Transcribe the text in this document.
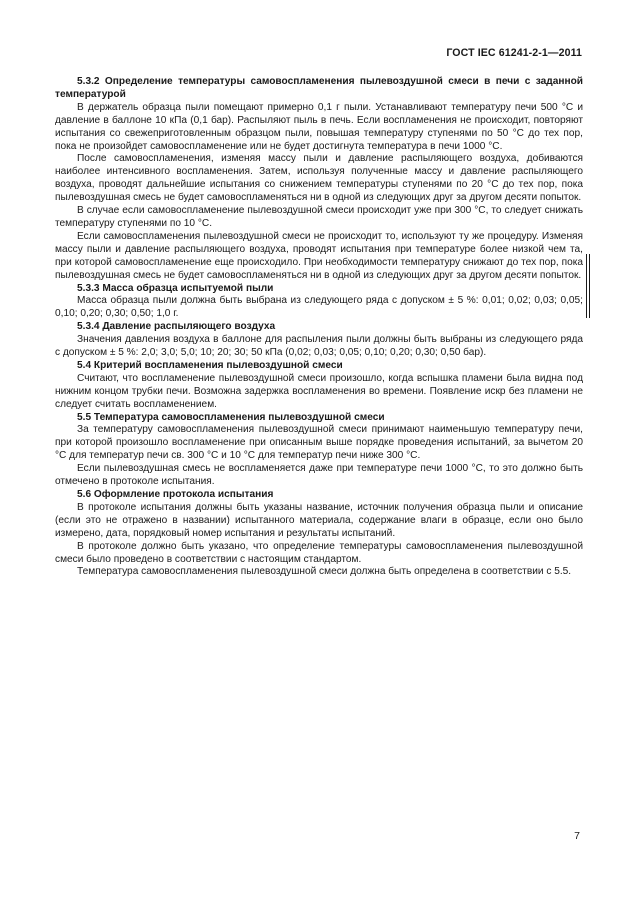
ГОСТ IEC 61241-2-1—2011
5.3.2 Определение температуры самовоспламенения пылевоздушной смеси в печи с заданной температурой

В держатель образца пыли помещают примерно 0,1 г пыли. Устанавливают температуру печи 500 °С и давление в баллоне 10 кПа (0,1 бар). Распыляют пыль в печь. Если воспламенения не происходит, повторяют испытания со свежеприготовленным образцом пыли, повышая температуру ступенями по 50 °С до тех пор, пока не произойдет самовоспламенение или не будет достигнута температура в печи 1000 °С.

После самовоспламенения, изменяя массу пыли и давление распыляющего воздуха, добиваются наиболее интенсивного воспламенения. Затем, используя полученные массу и давление распыляющего воздуха, проводят дальнейшие испытания со снижением температуры ступенями по 20 °С до тех пор, пока пылевоздушная смесь не будет самовоспламеняться ни в одной из следующих друг за другом десяти попыток.

В случае если самовоспламенение пылевоздушной смеси происходит уже при 300 °С, то следует снижать температуру ступенями по 10 °С.

Если самовоспламенения пылевоздушной смеси не происходит то, используют ту же процедуру. Изменяя массу пыли и давление распыляющего воздуха, проводят испытания при температуре более низкой чем та, при которой самовоспламенение еще происходило. При необходимости температуру снижают до тех пор, пока пылевоздушная смесь не будет самовоспламеняться ни в одной из следующих друг за другом десяти попыток.

5.3.3 Масса образца испытуемой пыли

Масса образца пыли должна быть выбрана из следующего ряда с допуском ± 5 %: 0,01; 0,02; 0,03; 0,05; 0,10; 0,20; 0,30; 0,50; 1,0 г.

5.3.4 Давление распыляющего воздуха

Значения давления воздуха в баллоне для распыления пыли должны быть выбраны из следующего ряда с допуском ± 5 %: 2,0; 3,0; 5,0; 10; 20; 30; 50 кПа (0,02; 0,03; 0,05; 0,10; 0,20; 0,30; 0,50 бар).

5.4 Критерий воспламенения пылевоздушной смеси

Считают, что воспламенение пылевоздушной смеси произошло, когда вспышка пламени была видна под нижним концом трубки печи. Возможна задержка воспламенения во времени. Появление искр без пламени не следует считать воспламенением.

5.5 Температура самовоспламенения пылевоздушной смеси

За температуру самовоспламенения пылевоздушной смеси принимают наименьшую температуру печи, при которой произошло воспламенение при описанным выше порядке проведения испытаний, за вычетом 20 °С для температур печи св. 300 °С и 10 °С для температур печи ниже 300 °С.

Если пылевоздушная смесь не воспламеняется даже при температуре печи 1000 °С, то это должно быть отмечено в протоколе испытания.

5.6 Оформление протокола испытания

В протоколе испытания должны быть указаны название, источник получения образца пыли и описание (если это не отражено в названии) испытанного материала, содержание влаги в образце, если оно было измерено, дата, порядковый номер испытания и результаты испытаний.

В протоколе должно быть указано, что определение температуры самовоспламенения пылевоздушной смеси было проведено в соответствии с настоящим стандартом.

Температура самовоспламенения пылевоздушной смеси должна быть определена в соответствии с 5.5.

7
